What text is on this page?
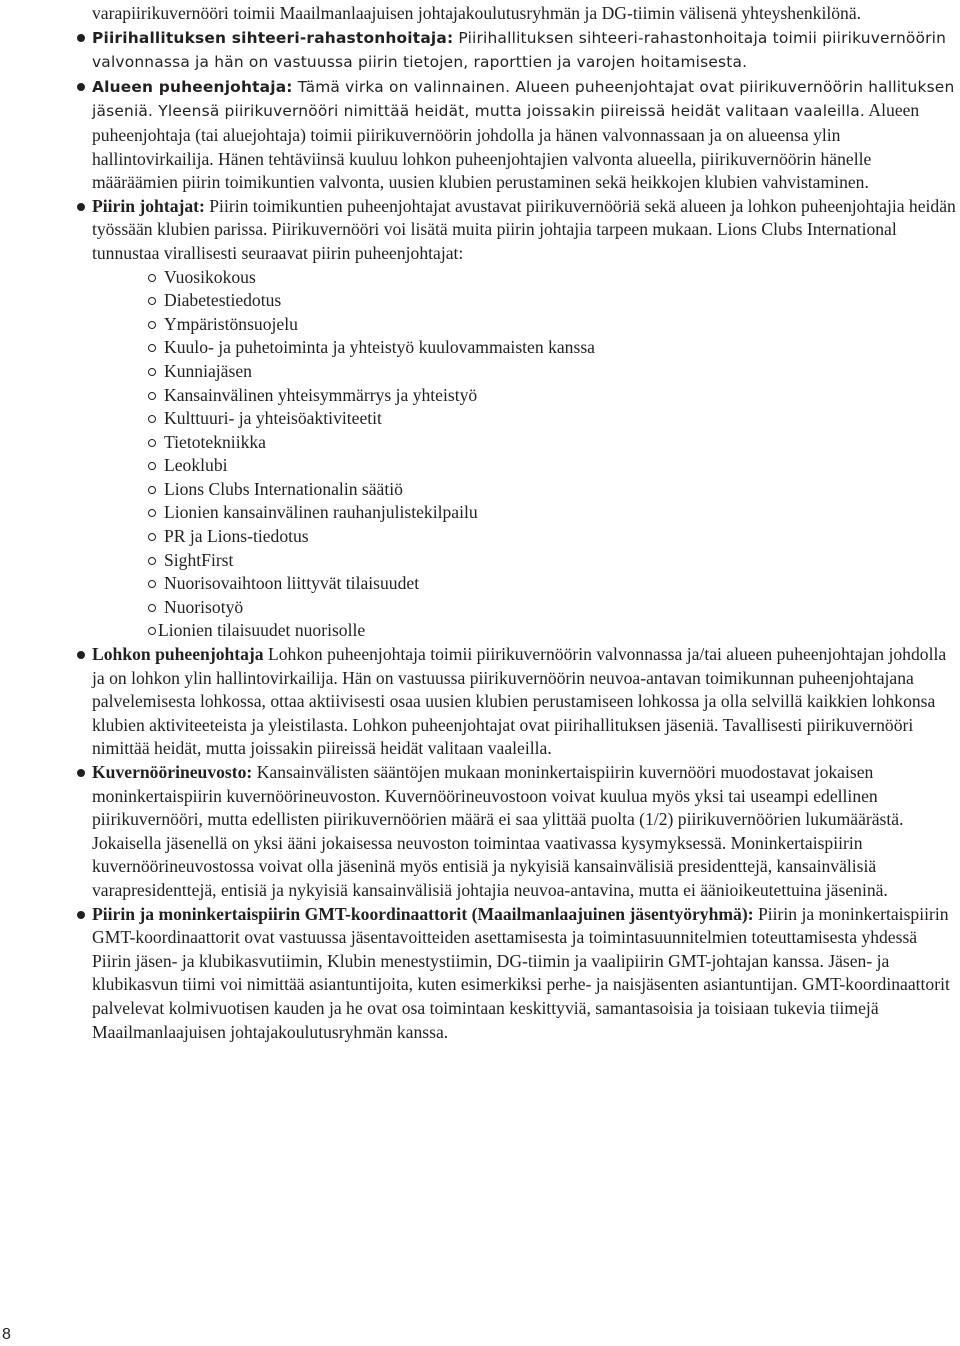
varapiirikuvernööri toimii Maailmanlaajuisen johtajakoulutusryhmän ja DG-tiimin välisenä yhteyshenkilönä.

Piirihallituksen sihteeri-rahastonhoitaja: Piirihallituksen sihteeri-rahastonhoitaja toimii piirikuvernöörin valvonnassa ja hän on vastuussa piirin tietojen, raporttien ja varojen hoitamisesta.
Alueen puheenjohtaja: Tämä virka on valinnainen. Alueen puheenjohtajat ovat piirikuvernöörin hallituksen jäseniä. Yleensä piirikuvernööri nimittää heidät, mutta joissakin piireissä heidät valitaan vaaleilla. Alueen puheenjohtaja (tai aluejohtaja) toimii piirikuvernöörin johdolla ja hänen valvonnassaan ja on alueensa ylin hallintovirkailija. Hänen tehtäviinsä kuuluu lohkon puheenjohtajien valvonta alueella, piirikuvernöörin hänelle määräämien piirin toimikuntien valvonta, uusien klubien perustaminen sekä heikkojen klubien vahvistaminen.
Piirin johtajat: Piirin toimikuntien puheenjohtajat avustavat piirikuvernööriä sekä alueen ja lohkon puheenjohtajia heidän työssään klubien parissa. Piirikuvernööri voi lisätä muita piirin johtajia tarpeen mukaan. Lions Clubs International tunnustaa virallisesti seuraavat piirin puheenjohtajat:
Vuosikokous
Diabetestiedotus
Ympäristönsuojelu
Kuulo- ja puhetoiminta ja yhteistyö kuulovammaisten kanssa
Kunniajäsen
Kansainvälinen yhteisymmärrys ja yhteistyö
Kulttuuri- ja yhteisöaktiviteetit
Tietotekniikka
Leoklubi
Lions Clubs Internationalin säätiö
Lionien kansainvälinen rauhanjulistekilpailu
PR ja Lions-tiedotus
SightFirst
Nuorisovaihtoon liittyvät tilaisuudet
Nuorisotyö
Lionien tilaisuudet nuorisolle
Lohkon puheenjohtaja Lohkon puheenjohtaja toimii piirikuvernöörin valvonnassa ja/tai alueen puheenjohtajan johdolla ja on lohkon ylin hallintovirkailija. Hän on vastuussa piirikuvernöörin neuvoa-antavan toimikunnan puheenjohtajana palvelemisesta lohkossa, ottaa aktiivisesti osaa uusien klubien perustamiseen lohkossa ja olla selvillä kaikkien lohkonsa klubien aktiviteeteista ja yleistilasta. Lohkon puheenjohtajat ovat piirihallituksen jäseniä. Tavallisesti piirikuvernööri nimittää heidät, mutta joissakin piireissä heidät valitaan vaaleilla.
Kuvernöörineuvosto: Kansainvälisten sääntöjen mukaan moninkertaispiirin kuvernööri muodostavat jokaisen moninkertaispiirin kuvernöörineuvoston. Kuvernöörineuvostoon voivat kuulua myös yksi tai useampi edellinen piirikuvernööri, mutta edellisten piirikuvernöörien määrä ei saa ylittää puolta (1/2) piirikuvernöörien lukumäärästä. Jokaisella jäsenellä on yksi ääni jokaisessa neuvoston toimintaa vaativassa kysymyksessä. Moninkertaispiirin kuvernöörineuvostossa voivat olla jäseninä myös entisiä ja nykyisiä kansainvälisiä presidenttejä, kansainvälisiä varapresidenttejä, entisiä ja nykyisiä kansainvälisiä johtajia neuvoa-antavina, mutta ei äänioikeutettuina jäseninä.
Piirin ja moninkertaispiirin GMT-koordinaattorit (Maailmanlaajuinen jäsentyöryhmä): Piirin ja moninkertaispiirin GMT-koordinaattorit ovat vastuussa jäsentavoitteiden asettamisesta ja toimintasuunnitelmien toteuttamisesta yhdessä Piirin jäsen- ja klubikasvutiimin, Klubin menestystiimin, DG-tiimin ja vaalipiirin GMT-johtajan kanssa. Jäsen- ja klubikasvun tiimi voi nimittää asiantuntijoita, kuten esimerkiksi perhe- ja naisjäsenten asiantuntijan. GMT-koordinaattorit palvelevat kolmivuotisen kauden ja he ovat osa toimintaan keskittyviä, samantasoisia ja toisiaan tukevia tiimejä Maailmanlaajuisen johtajakoulutusryhmän kanssa.
8
